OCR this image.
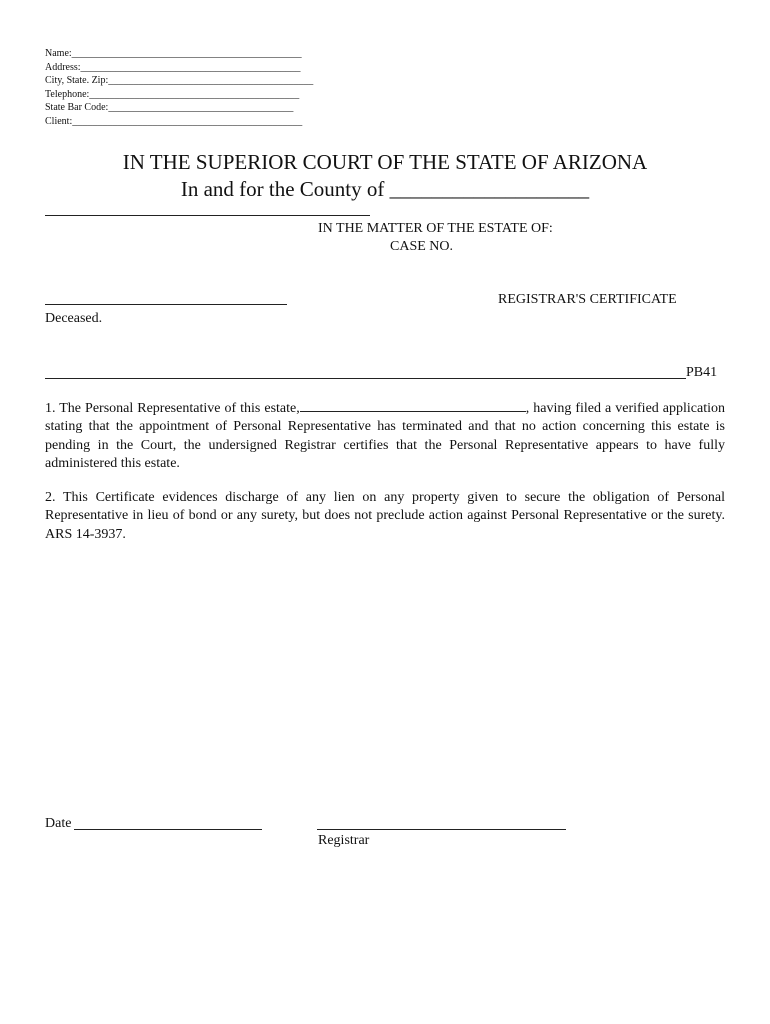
Name:______________________________________________
Address:____________________________________________
City, State. Zip:_________________________________________
Telephone:__________________________________________
State Bar Code:_____________________________________
Client:______________________________________________
IN THE SUPERIOR COURT OF THE STATE OF ARIZONA
In and for the County of ___________________
IN THE MATTER OF THE ESTATE OF:
CASE NO.
REGISTRAR'S CERTIFICATE
Deceased.
PB41

1. The Personal Representative of this estate,	, having filed a verified application stating that the appointment of Personal Representative has terminated and that no action concerning this estate is pending in the Court, the undersigned Registrar certifies that the Personal Representative appears to have fully administered this estate.

2. This Certificate evidences discharge of any lien on any property given to secure the obligation of Personal Representative in lieu of bond or any surety, but does not preclude action against Personal Representative or the surety. ARS 14-3937.

Date
Registrar
